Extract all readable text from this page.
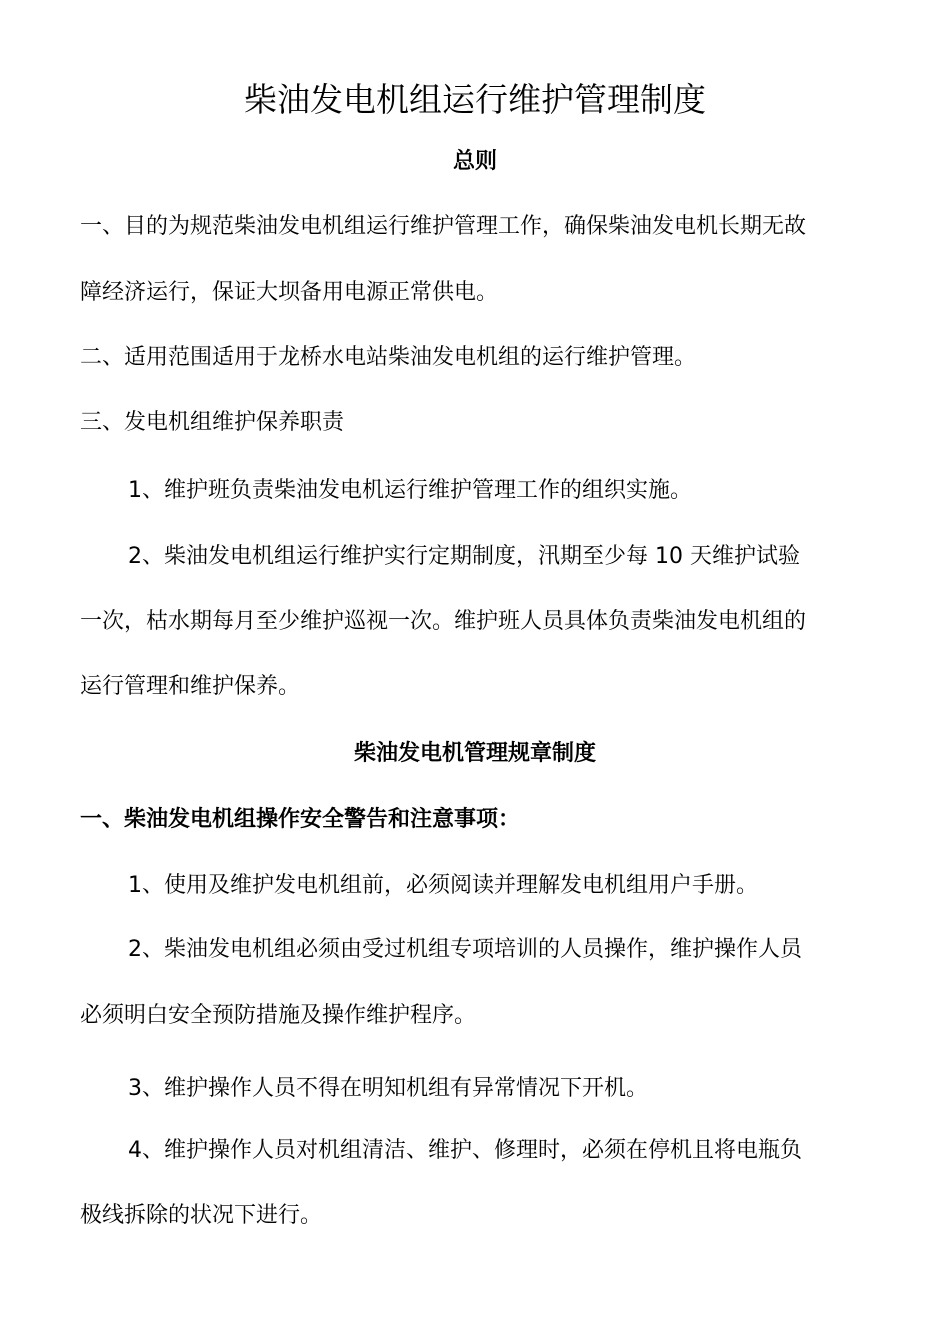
柴油发电机组运行维护管理制度
总则
一、目的为规范柴油发电机组运行维护管理工作，确保柴油发电机长期无故
障经济运行，保证大坝备用电源正常供电。
二、适用范围适用于龙桥水电站柴油发电机组的运行维护管理。
三、发电机组维护保养职责
1、维护班负责柴油发电机运行维护管理工作的组织实施。
2、柴油发电机组运行维护实行定期制度，汛期至少每 10 天维护试验
一次，枯水期每月至少维护巡视一次。维护班人员具体负责柴油发电机组的
运行管理和维护保养。
柴油发电机管理规章制度
一、柴油发电机组操作安全警告和注意事项：
1、使用及维护发电机组前，必须阅读并理解发电机组用户手册。
2、柴油发电机组必须由受过机组专项培训的人员操作，维护操作人员
必须明白安全预防措施及操作维护程序。
3、维护操作人员不得在明知机组有异常情况下开机。
4、维护操作人员对机组清洁、维护、修理时，必须在停机且将电瓶负
极线拆除的状况下进行。
